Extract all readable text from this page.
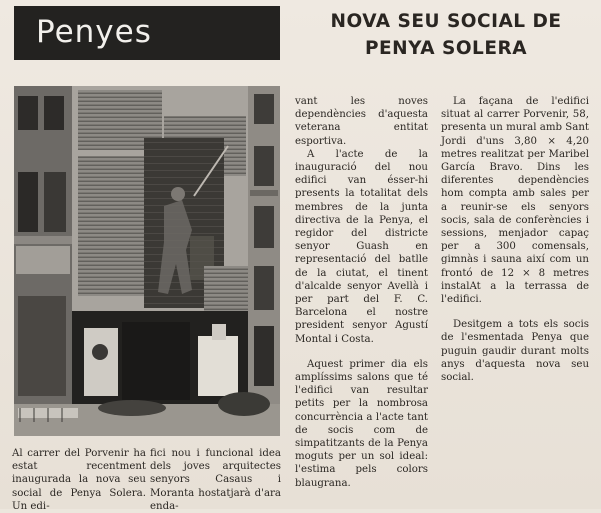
Penyes	NOVA SEU SOCIAL DE
PENYA SOLERA

Al carrer del Porvenir ha estat recentment inaugurada la nova seu social de Penya Solera. Un edi-

fici nou i funcional idea dels joves arquitectes senyors Casaus i Moranta hostatjarà d'ara enda-

vant les noves dependències d'aquesta veterana entitat esportiva.

A l'acte de la inauguració del nou edifici van ésser-hi presents la totalitat dels membres de la junta directiva de la Penya, el regidor del districte senyor Guash en representació del batlle de la ciutat, el tinent d'alcalde senyor Avellà i per part del F. C. Barcelona el nostre president senyor Agustí Montal i Costa.

Aquest primer dia els amplíssims salons que té l'edifici van resultar petits per la nombrosa concurrència a l'acte tant de socis com de simpatitzants de la Penya moguts per un sol ideal: l'estima pels colors blaugrana.

La façana de l'edifici situat al carrer Porvenir, 58, presenta un mural amb Sant Jordi d'uns 3,80 × 4,20 metres realitzat per Maribel García Bravo. Dins les diferentes dependències hom compta amb sales per a reunir-se els senyors socis, sala de conferències i sessions, menjador capaç per a 300 comensals, gimnàs i sauna així com un frontó de 12 × 8 metres instalAt a la terrassa de l'edifici.

Desitgem a tots els socis de l'esmentada Penya que puguin gaudir durant molts anys d'aquesta nova seu social.
